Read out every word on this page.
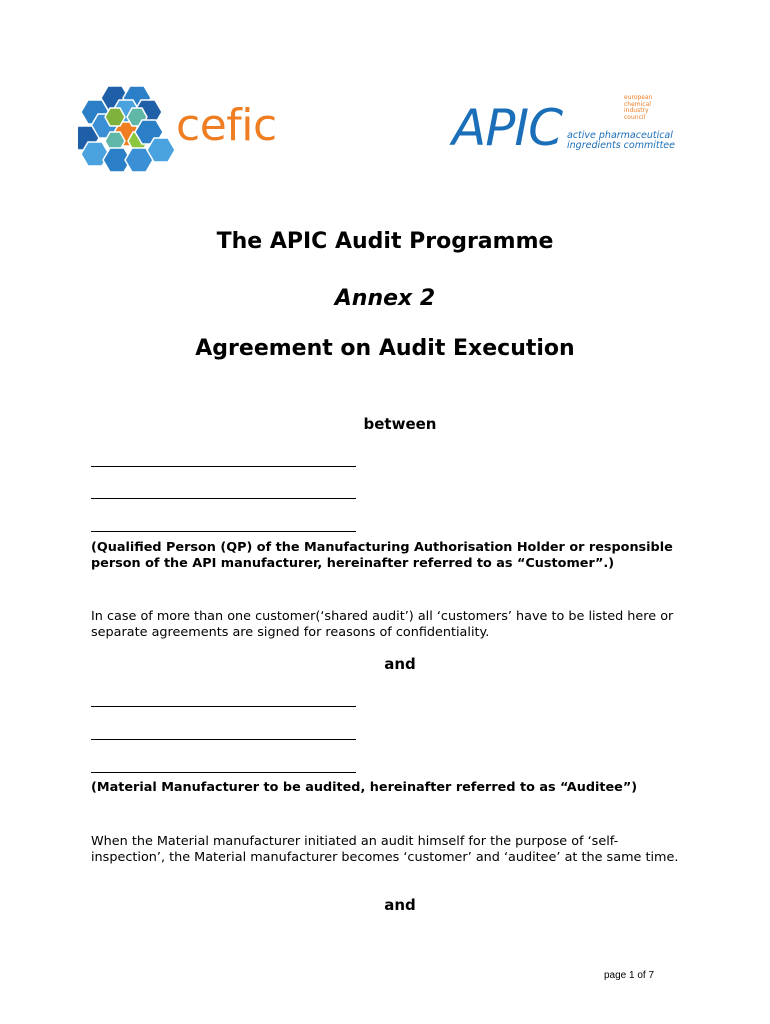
cefic	APIC active pharmaceutical
ingredients committee
european
chemical industry
council
The APIC Audit Programme
Annex 2
Agreement on Audit Execution
between
(Qualified Person (QP) of the Manufacturing Authorisation Holder or responsible person of the API manufacturer, hereinafter referred to as “Customer”.)
In case of more than one customer(‘shared audit’) all ‘customers’ have to be listed here or separate agreements are signed for reasons of confidentiality.
and
(Material Manufacturer to be audited, hereinafter referred to as “Auditee”)
When the Material manufacturer initiated an audit himself for the purpose of ‘self-inspection’, the Material manufacturer becomes ‘customer’ and ‘auditee’ at the same time.
and
page 1 of 7
